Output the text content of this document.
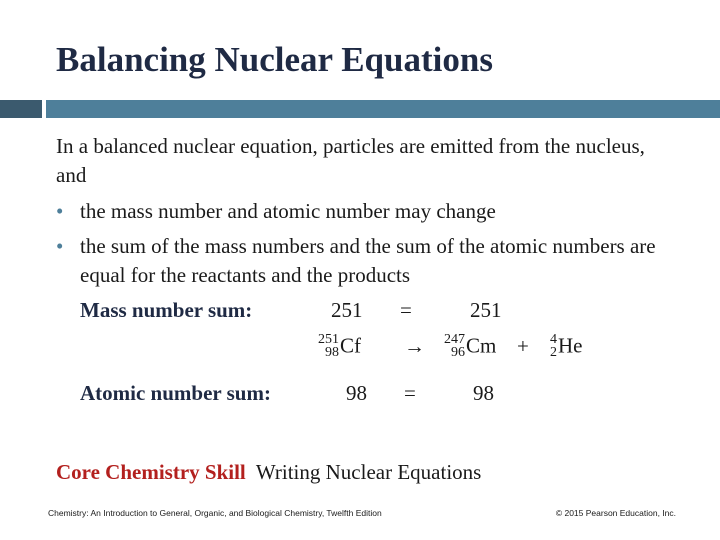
Balancing Nuclear Equations
In a balanced nuclear equation, particles are emitted from the nucleus, and
• the mass number and atomic number may change
• the sum of the mass numbers and the sum of the atomic numbers are equal for the reactants and the products
Mass number sum:	251 =	251
251
98 Cf → 247
96 Cm + 4
2 He
Atomic number sum:	98 =	98
Core Chemistry Skill Writing Nuclear Equations
Chemistry: An Introduction to General, Organic, and Biological Chemistry, Twelfth Edition	© 2015 Pearson Education, Inc.
